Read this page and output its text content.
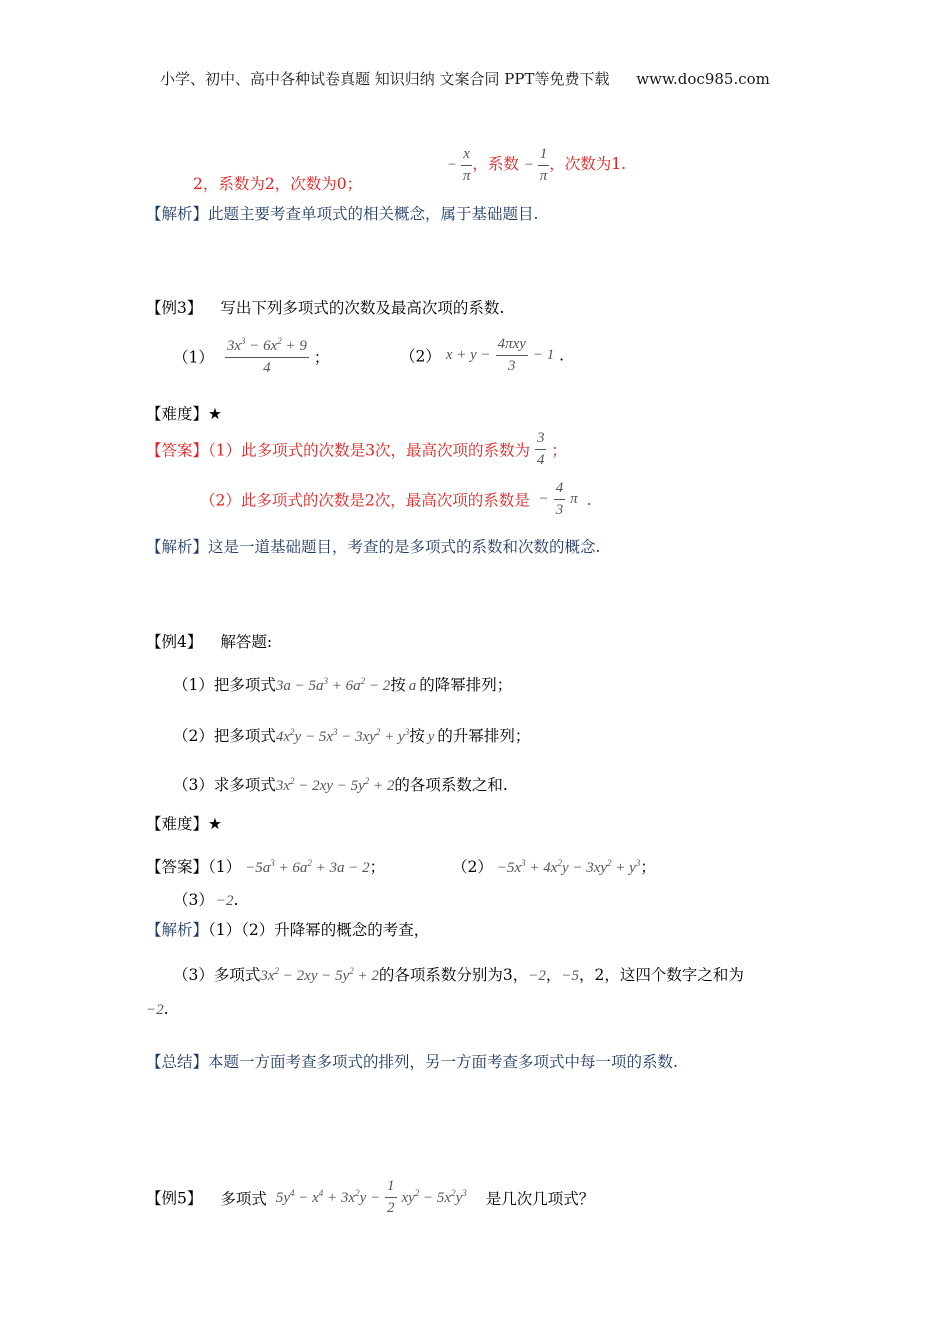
小学、初中、高中各种试卷真题 知识归纳 文案合同 PPT等免费下载 www.doc985.com
2，系数为2，次数为0；
− $\frac{x}{\pi}$ ，系数 − $\frac{1}{\pi}$ ，次数为1.
【解析】此题主要考查单项式的相关概念，属于基础题目.
【例3】 写出下列多项式的次数及最高次项的系数.
$(1) \frac{3x^3 - 6x^2 + 9}{4}$ ；	（2） $x + y - \frac{\text{4πxy}}{3} - 1$ .
【难度】★
【答案】（1）此多项式的次数是3次，最高次项的系数为 $\frac{3}{4}$ ；
（2）此多项式的次数是2次，最高次项的系数是 − $\frac{4}{3}$ π .
【解析】这是一道基础题目，考查的是多项式的系数和次数的概念.
【例4】 解答题:
（1）把多项式$3a - 5a^3 + 6a^2 - 2$按 a 的降幂排列；
（2）把多项式$4x^2y - 5x^3 - 3xy^2 + y^3$按 y 的升幂排列；
（3）求多项式$3x^2 - 2xy - 5y^2 + 2$的各项系数之和.
【难度】★
【答案】$(1) -5a^3 + 6a^2 + 3a - 2$；	$(2) -5x^3 + 4x^2y - 3xy^2 + y^3$；
（3） −2.
【解析】（1）（2）升降幂的概念的考查，
（3）多项式$3x^2 - 2xy - 5y^2 + 2$的各项系数分别为3，−2，−5，2，这四个数字之和为
−2.
【总结】本题一方面考查多项式的排列，另一方面考查多项式中每一项的系数.
【例5】 多项式 $5y^4 - x^4 + 3x^2y - \frac{1}{2} xy^2 - 5x^2y^3$ 是几次几项式？
